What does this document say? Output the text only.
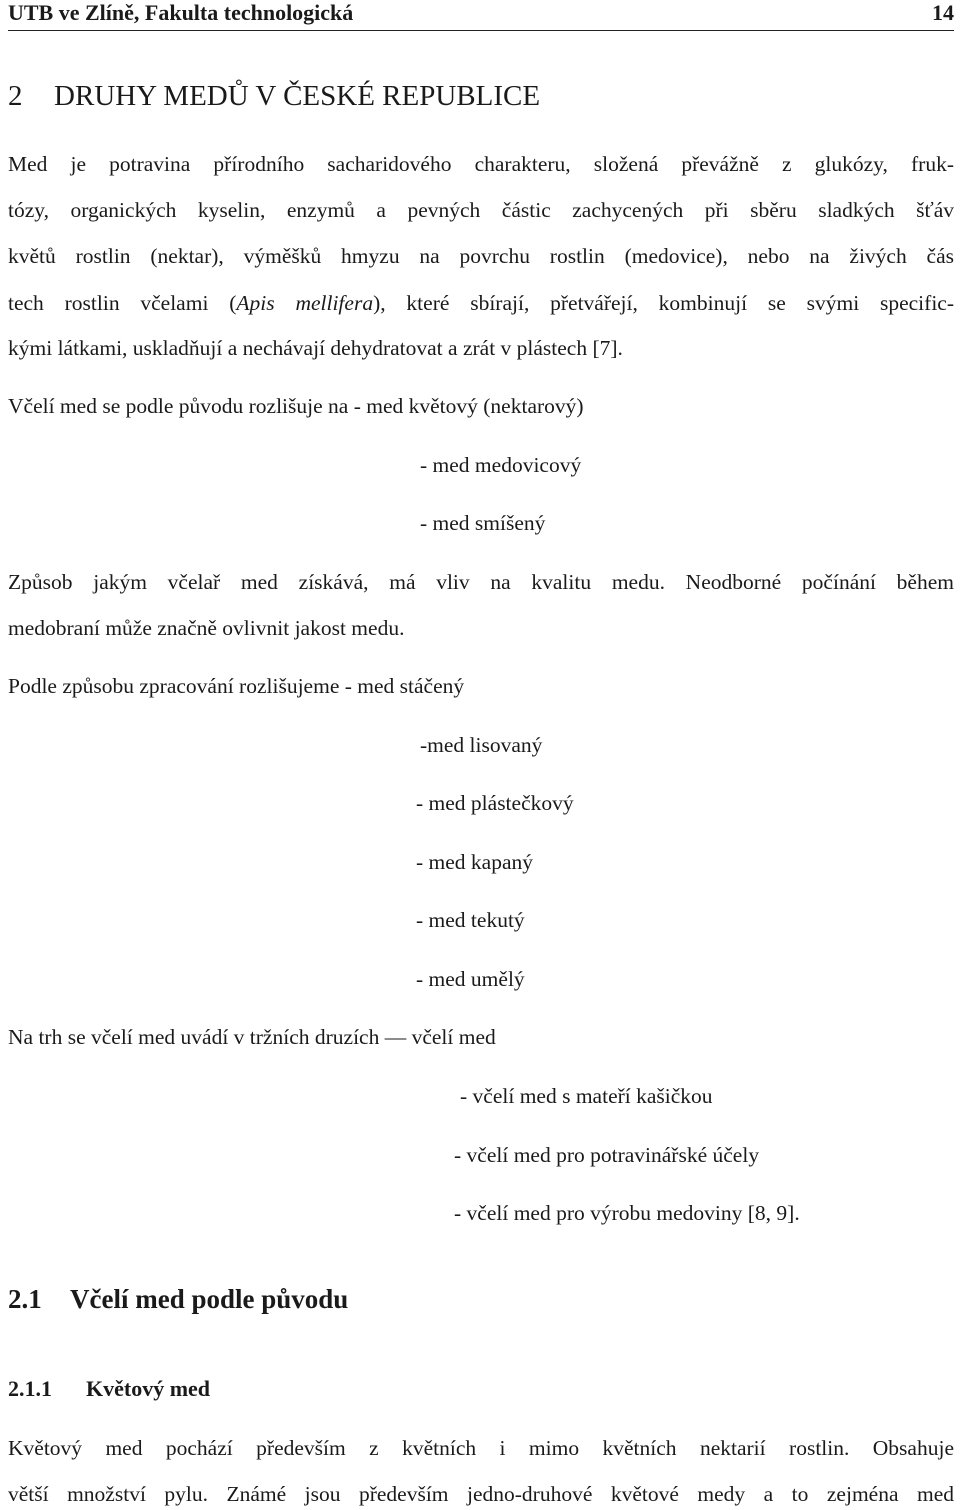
UTB ve Zlíně, Fakulta technologická	14
2 DRUHY MEDŮ V ČESKÉ REPUBLICE
Med je potravina přírodního sacharidového charakteru, složená převážně z glukózy, fruk-
tózy, organických kyselin, enzymů a pevných částic zachycených při sběru sladkých šťáv
květů rostlin (nektar), výměšků hmyzu na povrchu rostlin (medovice), nebo na živých čás
tech rostlin včelami (Apis mellifera), které sbírají, přetvářejí, kombinují se svými specific-
kými látkami, uskladňují a nechávají dehydratovat a zrát v plástech [7].
Včelí med se podle původu rozlišuje na - med květový (nektarový)
- med medovicový
- med smíšený
Způsob jakým včelař med získává, má vliv na kvalitu medu. Neodborné počínání během
medobraní může značně ovlivnit jakost medu.
Podle způsobu zpracování rozlišujeme - med stáčený
-med lisovaný
- med plástečkový
- med kapaný
- med tekutý
- med umělý
Na trh se včelí med uvádí v tržních druzích — včelí med
- včelí med s mateří kašičkou
- včelí med pro potravinářské účely
- včelí med pro výrobu medoviny [8, 9].
2.1 Včelí med podle původu
2.1.1 Květový med
Květový med pochází především z květních i mimo květních nektarií rostlin. Obsahuje
větší množství pylu. Známé jsou především jedno-druhové květové medy a to zejména med
